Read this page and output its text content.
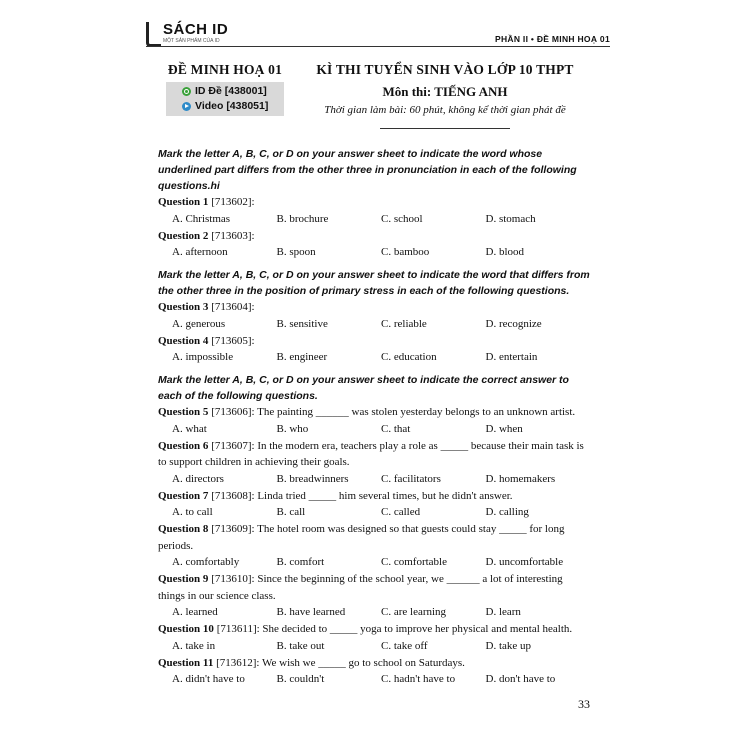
SÁCH ID
MỘT SẢN PHẨM CỦA ID	PHẦN II • ĐỀ MINH HOẠ 01
ĐỀ MINH HOẠ 01
ID Đề [438001]
Video [438051]
KÌ THI TUYỂN SINH VÀO LỚP 10 THPT
Môn thi: TIẾNG ANH
Thời gian làm bài: 60 phút, không kể thời gian phát đề

Mark the letter A, B, C, or D on your answer sheet to indicate the word whose underlined part differs from the other three in pronunciation in each of the following questions.hi

Question 1 [713602]:

A. Christmas	B. brochure	C. school	D. stomach

Question 2 [713603]:

A. afternoon	B. spoon	C. bamboo	D. blood

Mark the letter A, B, C, or D on your answer sheet to indicate the word that differs from the other three in the position of primary stress in each of the following questions.

Question 3 [713604]:

A. generous	B. sensitive	C. reliable	D. recognize

Question 4 [713605]:

A. impossible	B. engineer	C. education	D. entertain

Mark the letter A, B, C, or D on your answer sheet to indicate the correct answer to each of the following questions.

Question 5 [713606]: The painting ______ was stolen yesterday belongs to an unknown artist.

A. what	B. who	C. that	D. when

Question 6 [713607]: In the modern era, teachers play a role as _____ because their main task is to support children in achieving their goals.

A. directors	B. breadwinners	C. facilitators	D. homemakers

Question 7 [713608]: Linda tried _____ him several times, but he didn't answer.

A. to call	B. call	C. called	D. calling

Question 8 [713609]: The hotel room was designed so that guests could stay _____ for long periods.

A. comfortably	B. comfort	C. comfortable	D. uncomfortable

Question 9 [713610]: Since the beginning of the school year, we ______ a lot of interesting things in our science class.

A. learned	B. have learned	C. are learning	D. learn

Question 10 [713611]: She decided to _____ yoga to improve her physical and mental health.

A. take in	B. take out	C. take off	D. take up

Question 11 [713612]: We wish we _____ go to school on Saturdays.

A. didn't have to	B. couldn't	C. hadn't have to	D. don't have to
33
